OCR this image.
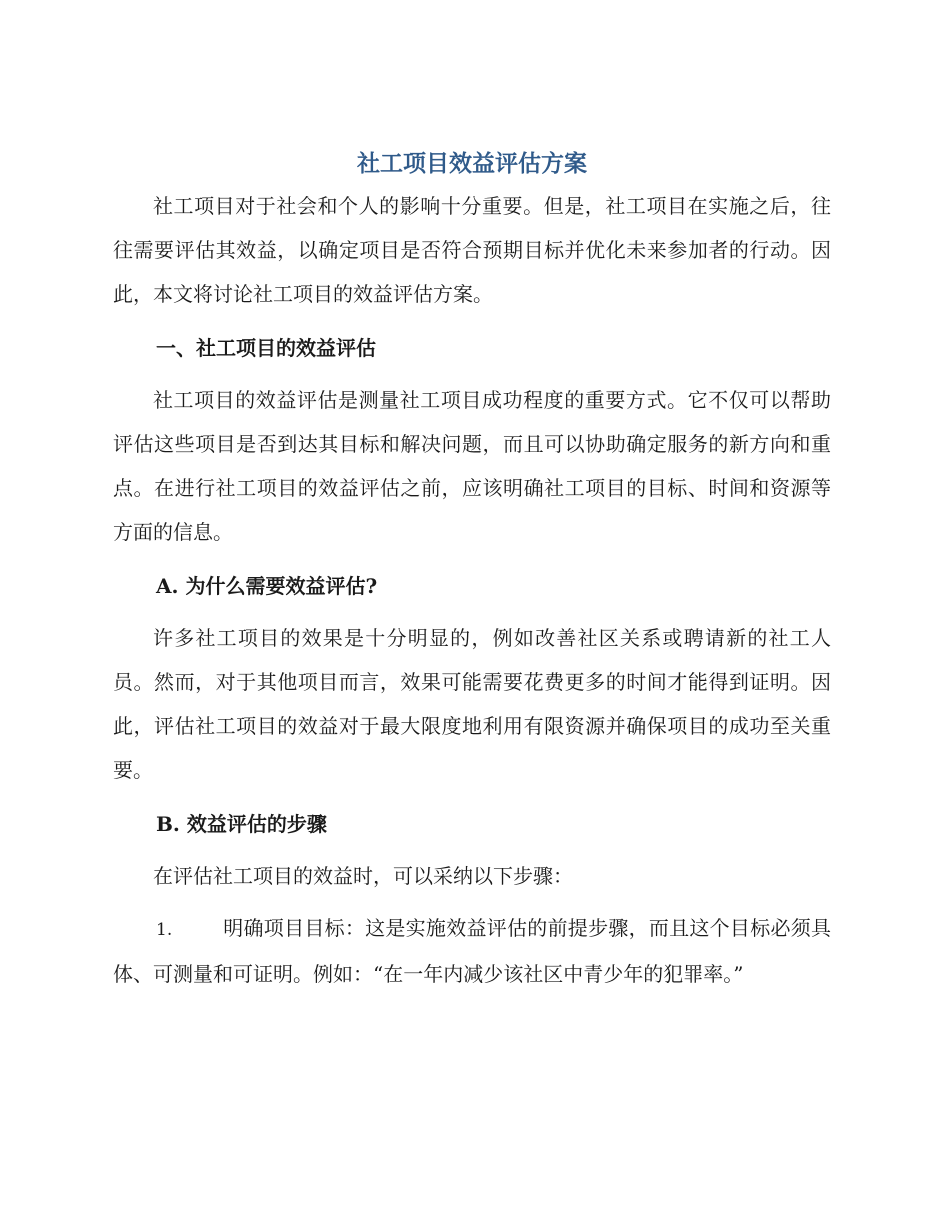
社工项目效益评估方案

社工项目对于社会和个人的影响十分重要。但是，社工项目在实施之后，往往需要评估其效益，以确定项目是否符合预期目标并优化未来参加者的行动。因此，本文将讨论社工项目的效益评估方案。

一、社工项目的效益评估

社工项目的效益评估是测量社工项目成功程度的重要方式。它不仅可以帮助评估这些项目是否到达其目标和解决问题，而且可以协助确定服务的新方向和重点。在进行社工项目的效益评估之前，应该明确社工项目的目标、时间和资源等方面的信息。

A. 为什么需要效益评估?

许多社工项目的效果是十分明显的，例如改善社区关系或聘请新的社工人员。然而，对于其他项目而言，效果可能需要花费更多的时间才能得到证明。因此，评估社工项目的效益对于最大限度地利用有限资源并确保项目的成功至关重要。

B. 效益评估的步骤

在评估社工项目的效益时，可以采纳以下步骤：

1.	明确项目目标：这是实施效益评估的前提步骤，而且这个目标必须具体、可测量和可证明。例如：“在一年内减少该社区中青少年的犯罪率。”
